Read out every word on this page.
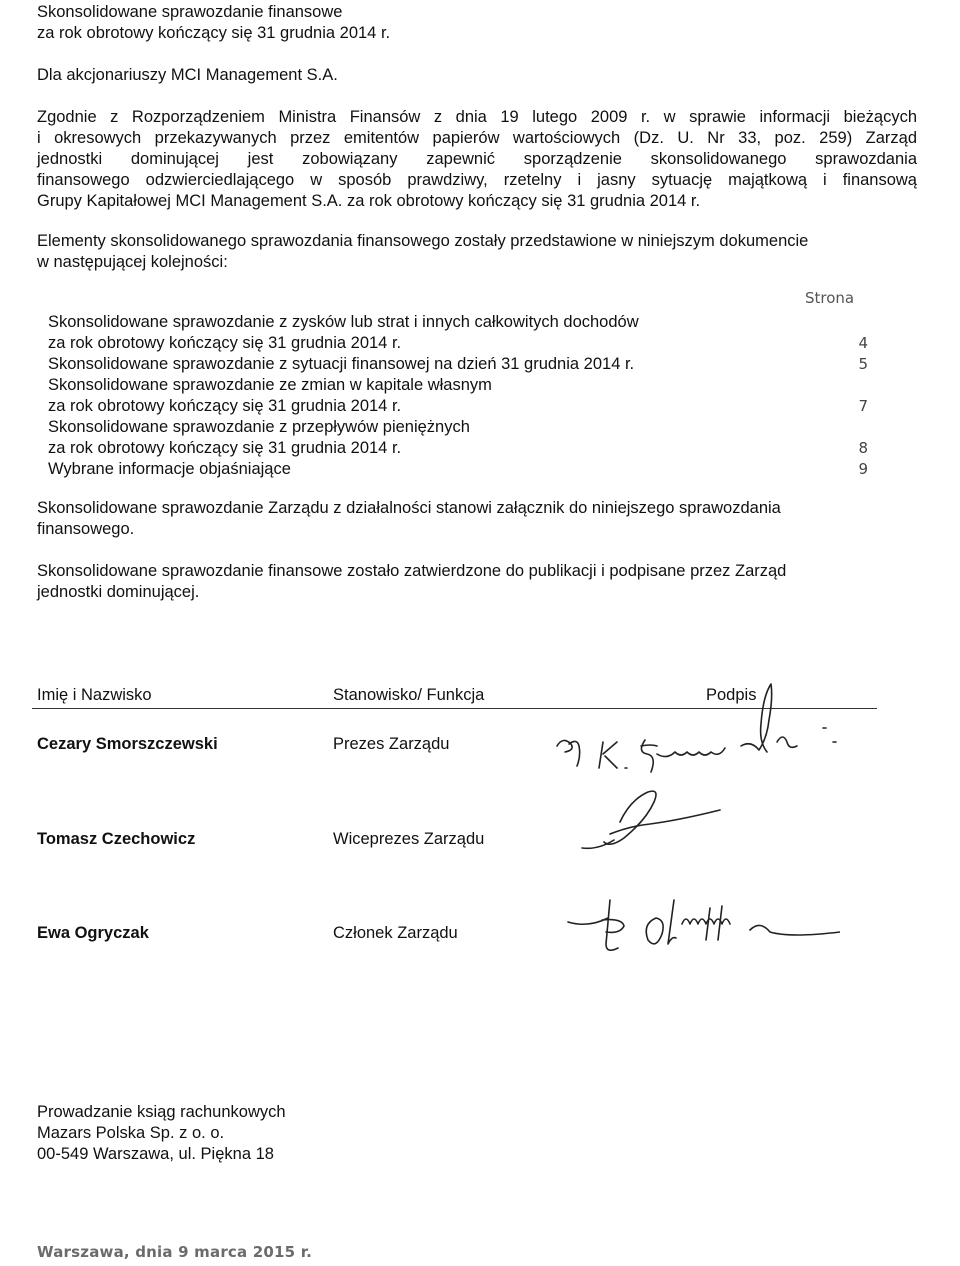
Skonsolidowane sprawozdanie finansowe
za rok obrotowy kończący się 31 grudnia 2014 r.
Dla akcjonariuszy MCI Management S.A.
Zgodnie z Rozporządzeniem Ministra Finansów z dnia 19 lutego 2009 r. w sprawie informacji bieżących
i okresowych przekazywanych przez emitentów papierów wartościowych (Dz. U. Nr 33, poz. 259) Zarząd
jednostki dominującej jest zobowiązany zapewnić sporządzenie skonsolidowanego sprawozdania
finansowego odzwierciedlającego w sposób prawdziwy, rzetelny i jasny sytuację majątkową i finansową
Grupy Kapitałowej MCI Management S.A. za rok obrotowy kończący się 31 grudnia 2014 r.
Elementy skonsolidowanego sprawozdania finansowego zostały przedstawione w niniejszym dokumencie
w następującej kolejności:
Strona
Skonsolidowane sprawozdanie z zysków lub strat i innych całkowitych dochodów
za rok obrotowy kończący się 31 grudnia 2014 r.	4
Skonsolidowane sprawozdanie z sytuacji finansowej na dzień 31 grudnia 2014 r.	5
Skonsolidowane sprawozdanie ze zmian w kapitale własnym
za rok obrotowy kończący się 31 grudnia 2014 r.	7
Skonsolidowane sprawozdanie z przepływów pieniężnych
za rok obrotowy kończący się 31 grudnia 2014 r.	8
Wybrane informacje objaśniające	9
Skonsolidowane sprawozdanie Zarządu z działalności stanowi załącznik do niniejszego sprawozdania
finansowego.
Skonsolidowane sprawozdanie finansowe zostało zatwierdzone do publikacji i podpisane przez Zarząd
jednostki dominującej.
Imię i Nazwisko	Stanowisko/ Funkcja	Podpis
Cezary Smorszczewski	Prezes Zarządu
Tomasz Czechowicz	Wiceprezes Zarządu
Ewa Ogryczak	Członek Zarządu
Prowadzanie ksiąg rachunkowych
Mazars Polska Sp. z o. o.
00-549 Warszawa, ul. Piękna 18
Warszawa, dnia 9 marca 2015 r.
